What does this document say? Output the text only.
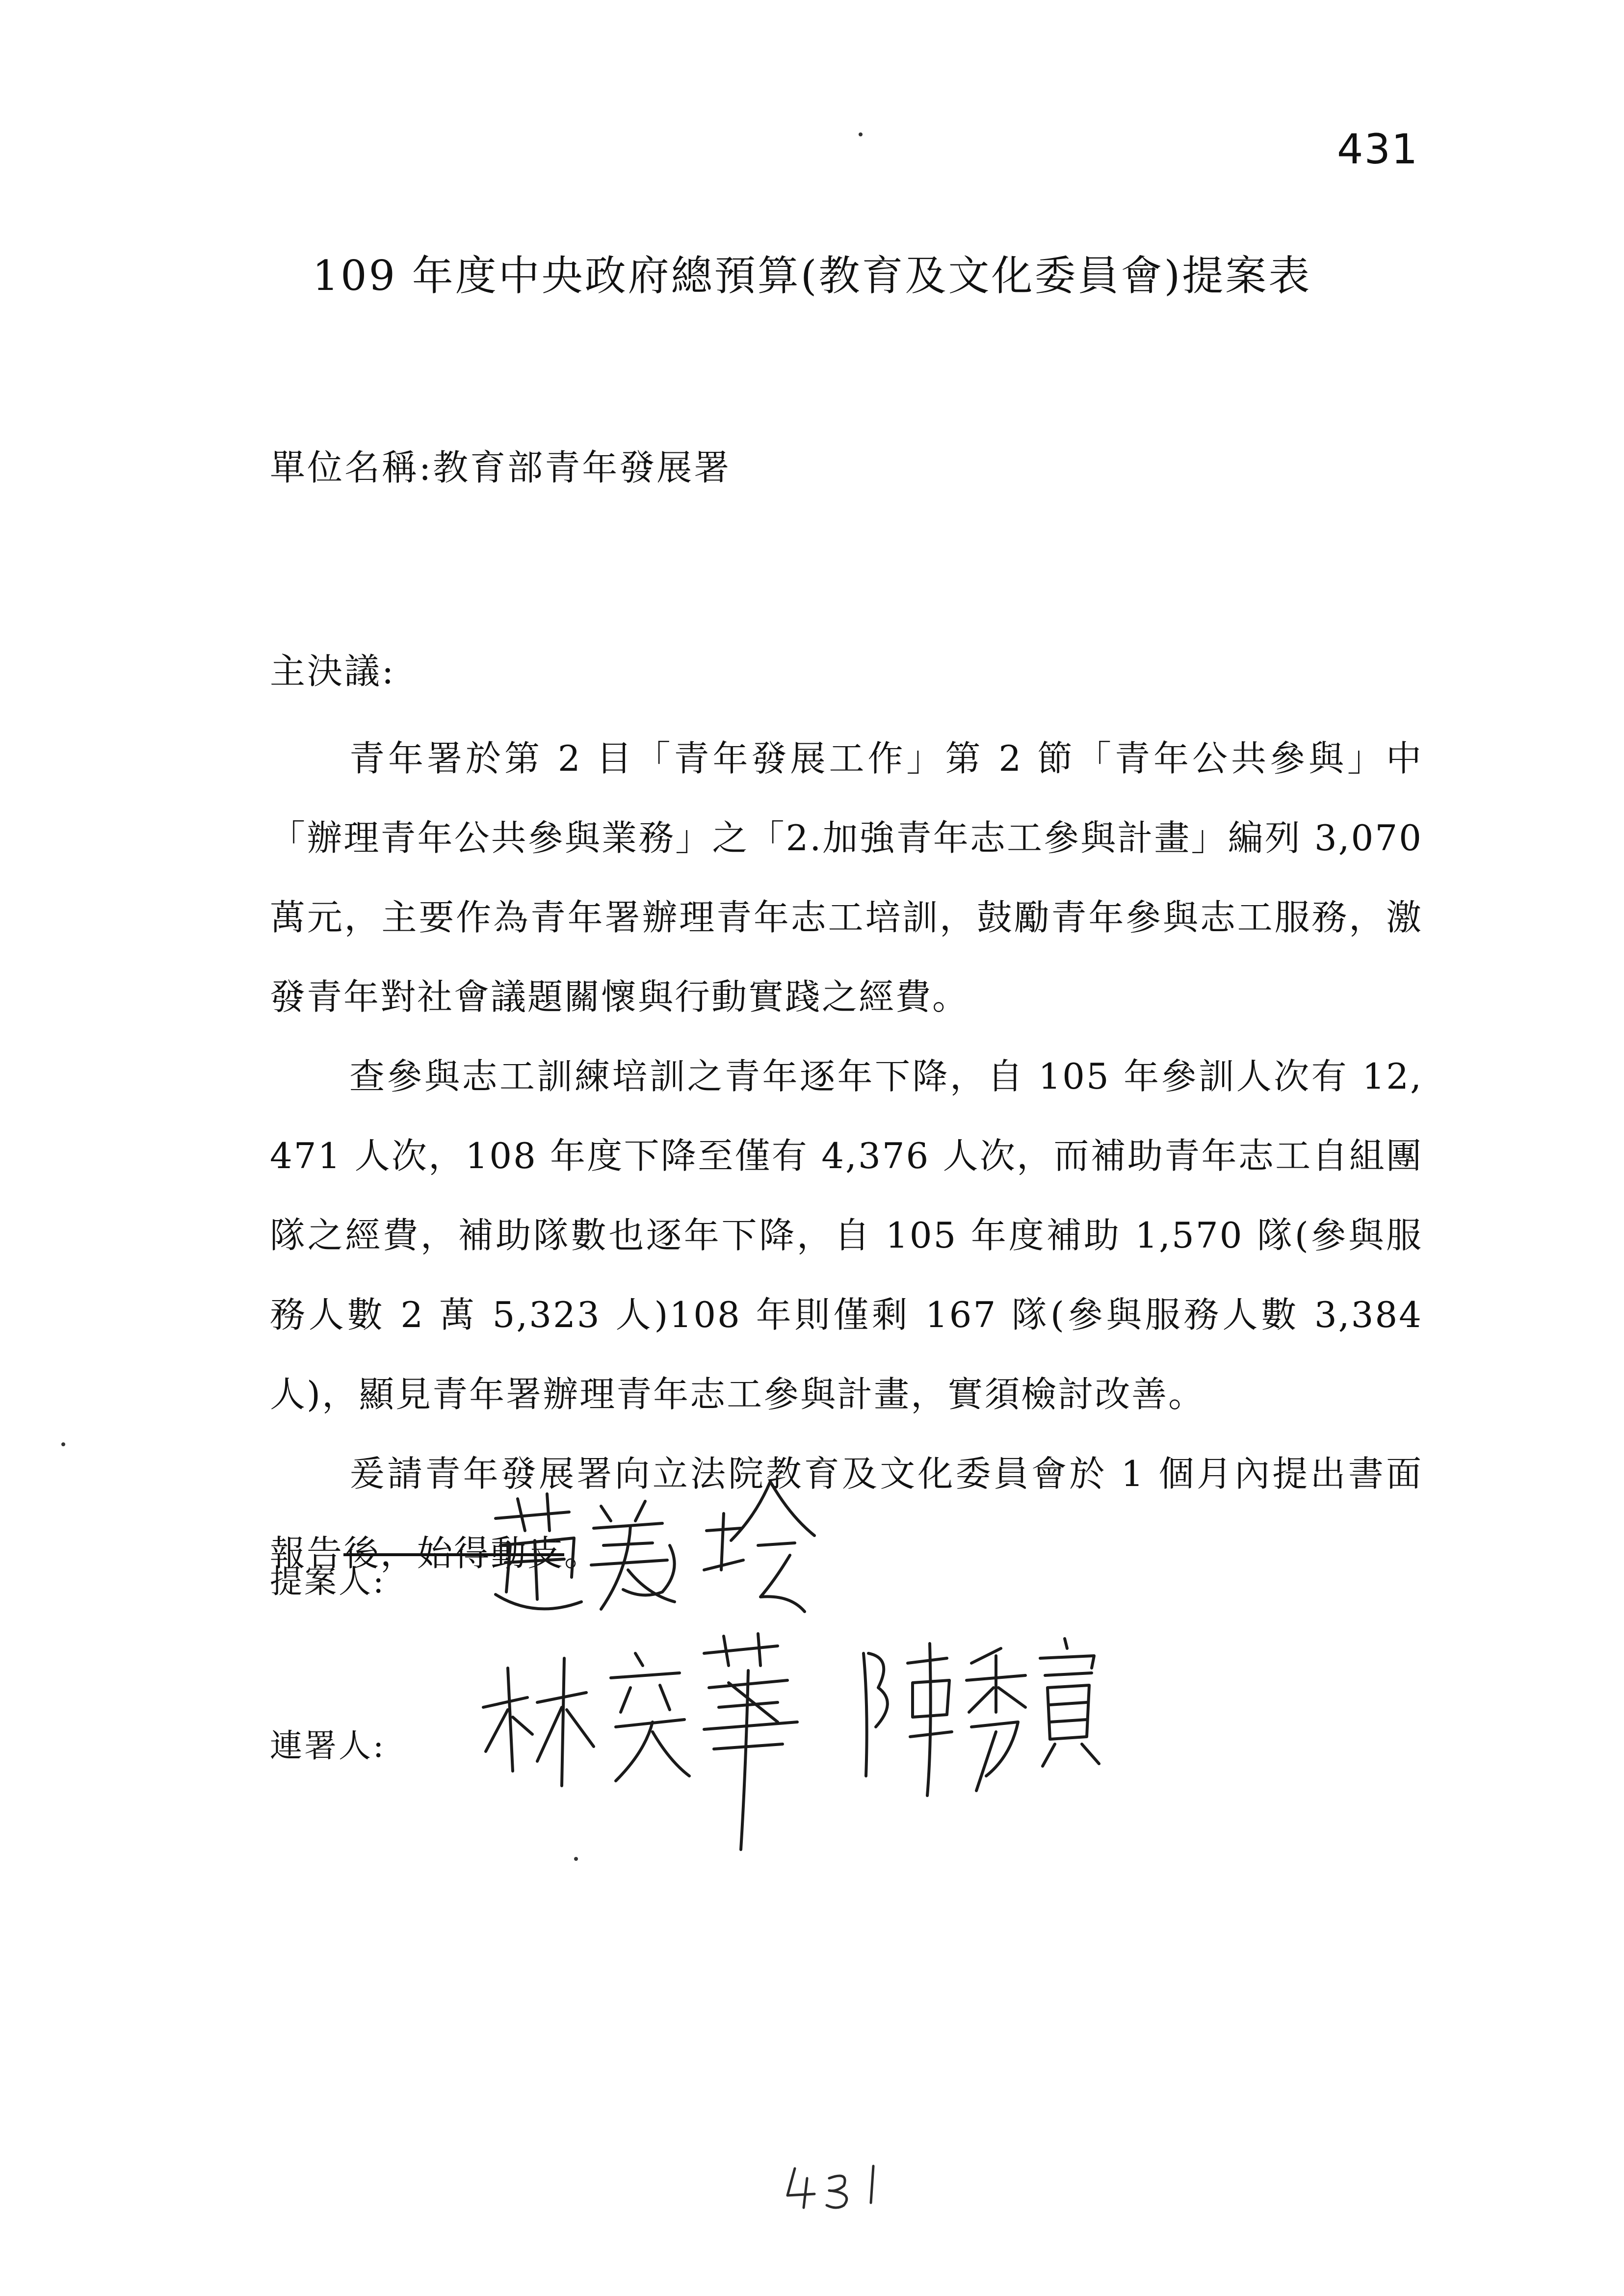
431
109 年度中央政府總預算(教育及文化委員會)提案表
單位名稱:教育部青年發展署
主決議:

青年署於第 2 目「青年發展工作」第 2 節「青年公共參與」中「辦理青年公共參與業務」之「2.加強青年志工參與計畫」編列 3,070 萬元，主要作為青年署辦理青年志工培訓，鼓勵青年參與志工服務，激發青年對社會議題關懷與行動實踐之經費。

查參與志工訓練培訓之青年逐年下降，自 105 年參訓人次有 12,471 人次，108 年度下降至僅有 4,376 人次，而補助青年志工自組團隊之經費，補助隊數也逐年下降，自 105 年度補助 1,570 隊(參與服務人數 2 萬 5,323 人)108 年則僅剩 167 隊(參與服務人數 3,384 人)，顯見青年署辦理青年志工參與計畫，實須檢討改善。

爰請青年發展署向立法院教育及文化委員會於 1 個月內提出書面報告後，始得動支。

提案人:
連署人:
